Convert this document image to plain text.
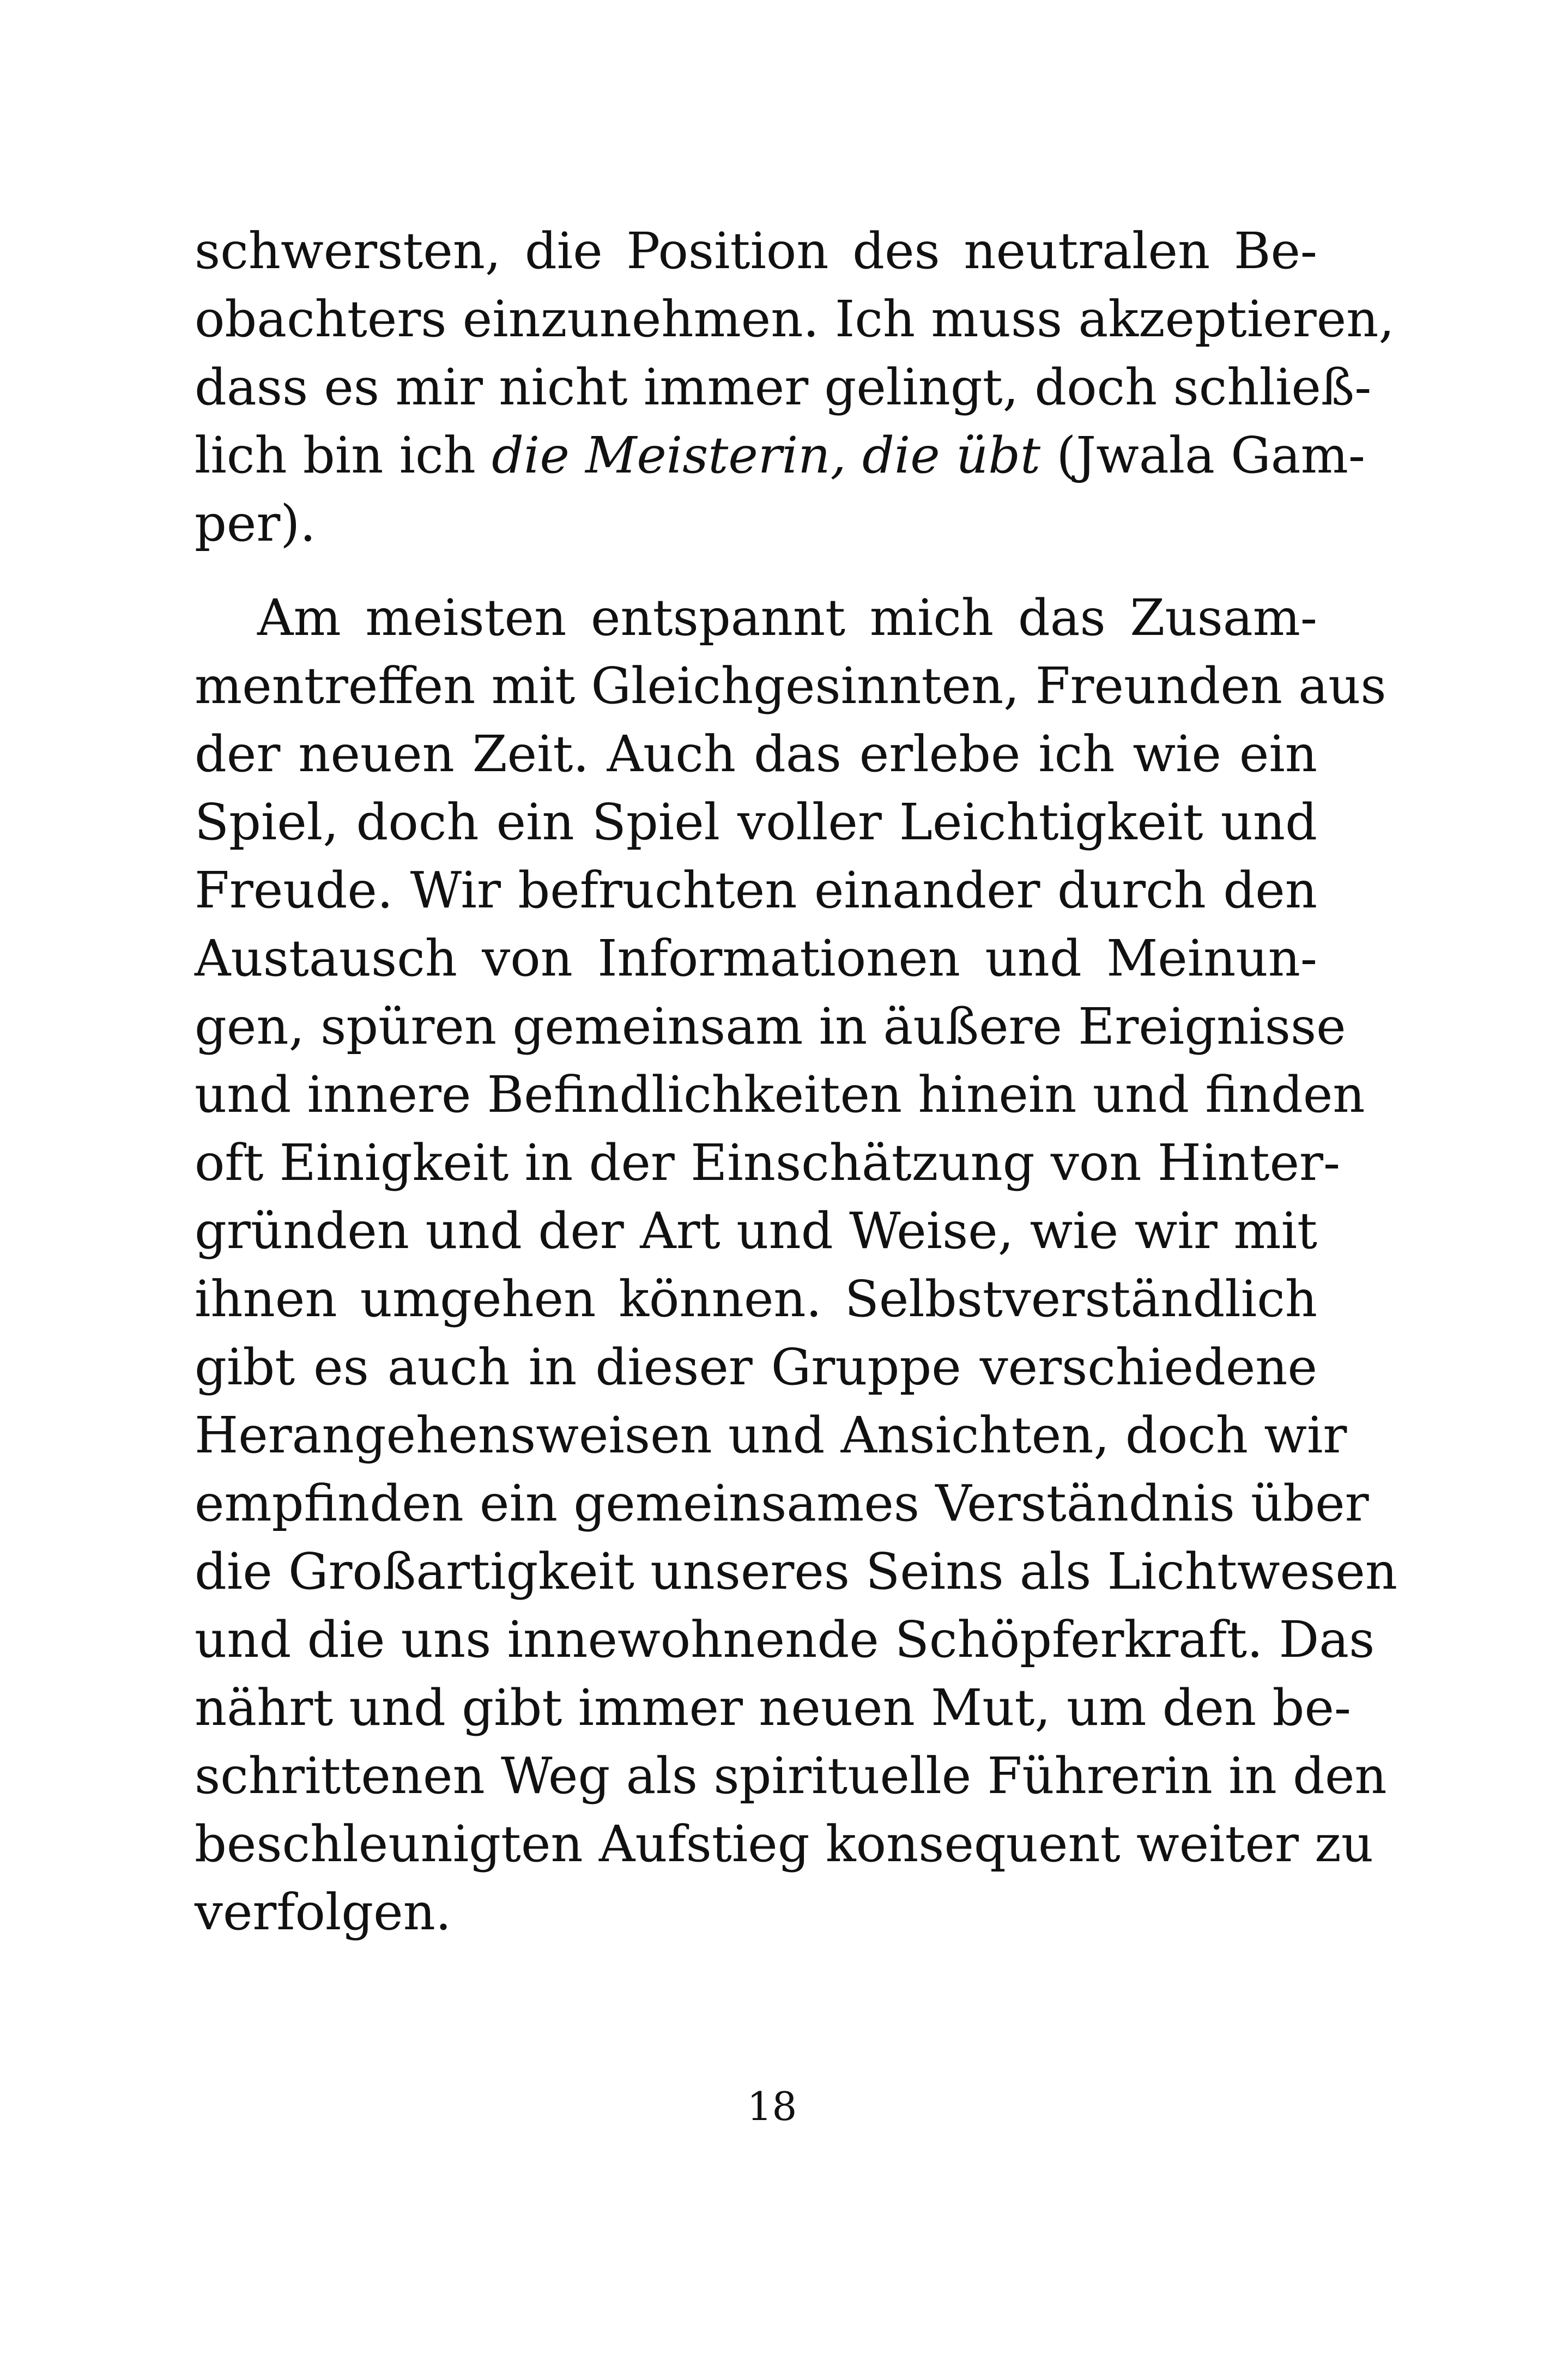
schwersten, die Position des neutralen Be-
obachters einzunehmen. Ich muss akzeptieren,
dass es mir nicht immer gelingt, doch schließ-
lich bin ich die Meisterin, die übt (Jwala Gam-
per).
Am meisten entspannt mich das Zusam-
mentreffen mit Gleichgesinnten, Freunden aus
der neuen Zeit. Auch das erlebe ich wie ein
Spiel, doch ein Spiel voller Leichtigkeit und
Freude. Wir befruchten einander durch den
Austausch von Informationen und Meinun-
gen, spüren gemeinsam in äußere Ereignisse
und innere Befindlichkeiten hinein und finden
oft Einigkeit in der Einschätzung von Hinter-
gründen und der Art und Weise, wie wir mit
ihnen umgehen können. Selbstverständlich
gibt es auch in dieser Gruppe verschiedene
Herangehensweisen und Ansichten, doch wir
empfinden ein gemeinsames Verständnis über
die Großartigkeit unseres Seins als Lichtwesen
und die uns innewohnende Schöpferkraft. Das
nährt und gibt immer neuen Mut, um den be-
schrittenen Weg als spirituelle Führerin in den
beschleunigten Aufstieg konsequent weiter zu
verfolgen.
18
